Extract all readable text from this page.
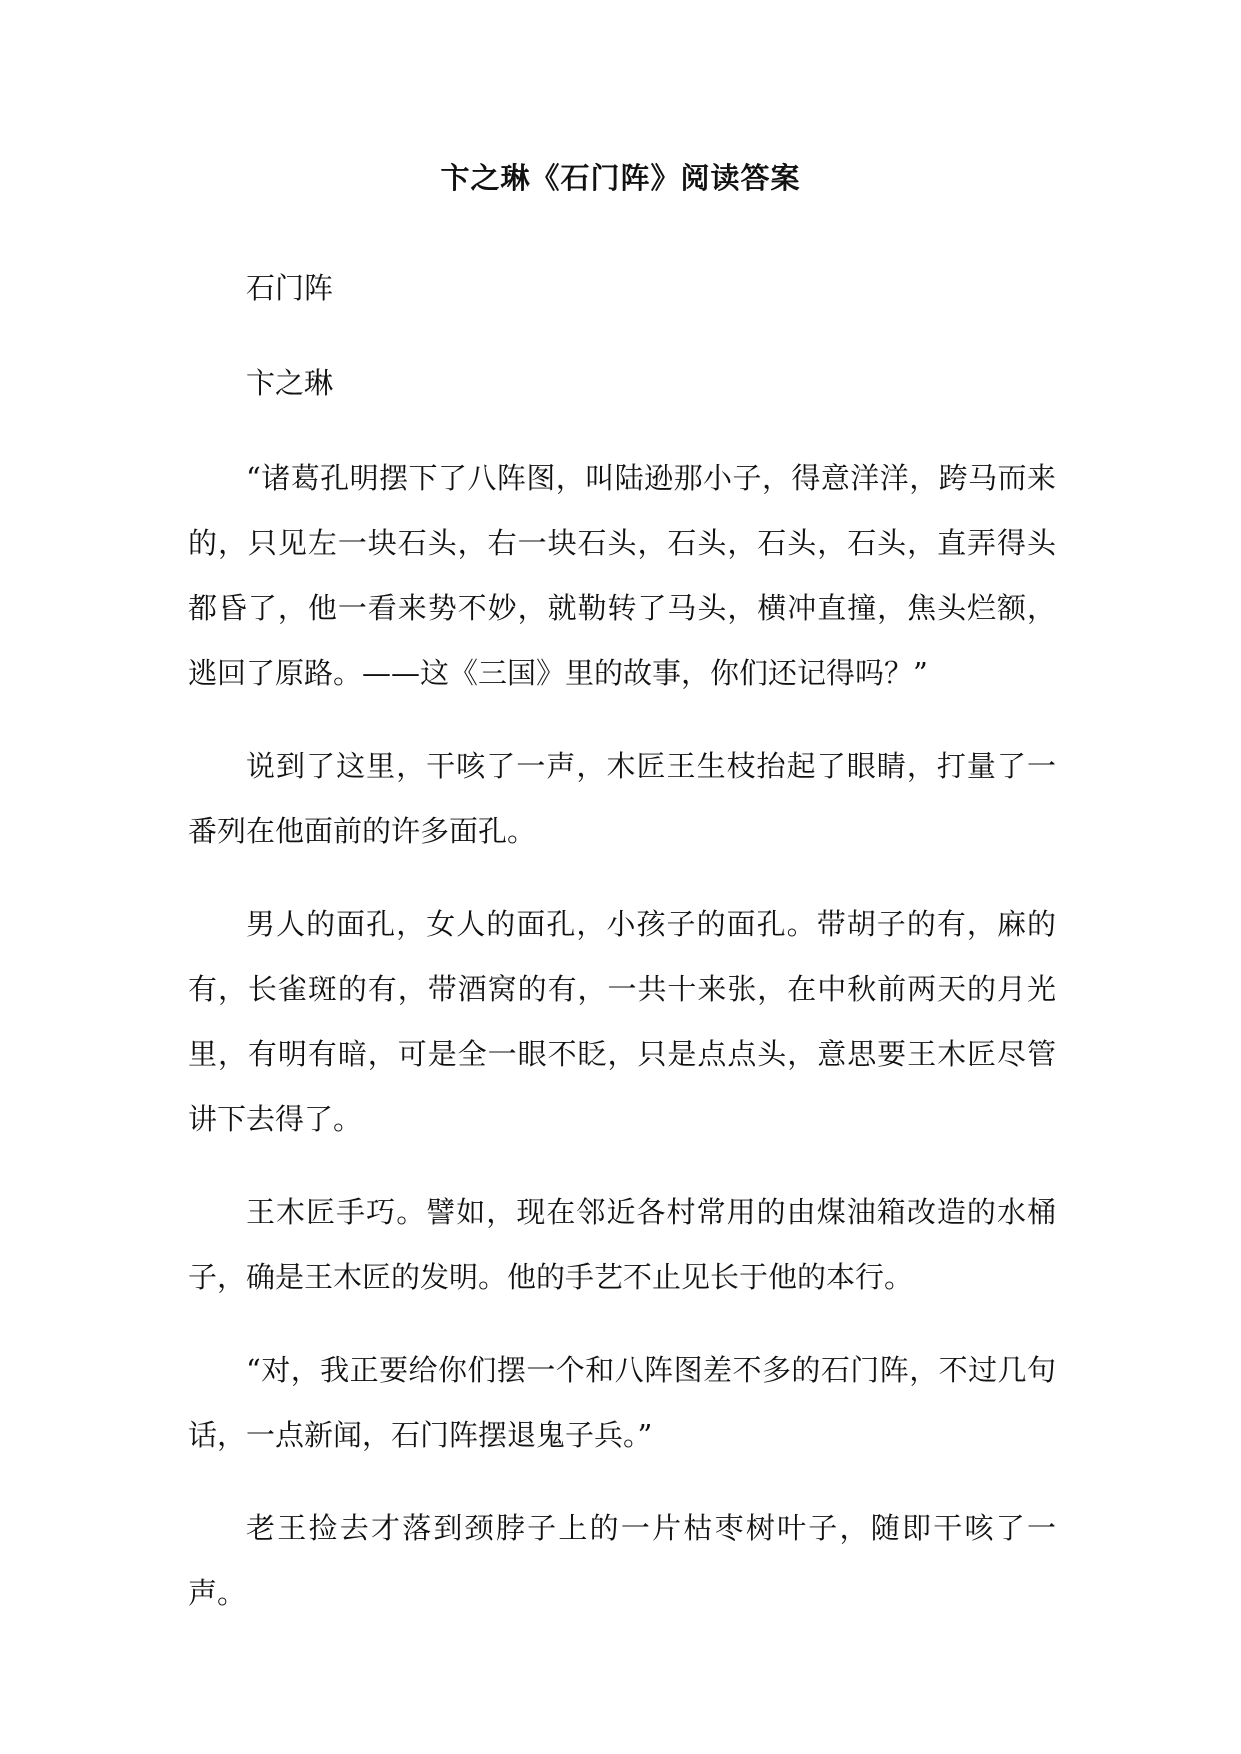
卞之琳《石门阵》阅读答案

石门阵

卞之琳

“诸葛孔明摆下了八阵图，叫陆逊那小子，得意洋洋，跨马而来的，只见左一块石头，右一块石头，石头，石头，石头，直弄得头都昏了，他一看来势不妙，就勒转了马头，横冲直撞，焦头烂额，逃回了原路。——这《三国》里的故事，你们还记得吗？”

说到了这里，干咳了一声，木匠王生枝抬起了眼睛，打量了一番列在他面前的许多面孔。

男人的面孔，女人的面孔，小孩子的面孔。带胡子的有，麻的有，长雀斑的有，带酒窝的有，一共十来张，在中秋前两天的月光里，有明有暗，可是全一眼不眨，只是点点头，意思要王木匠尽管讲下去得了。

王木匠手巧。譬如，现在邻近各村常用的由煤油箱改造的水桶子，确是王木匠的发明。他的手艺不止见长于他的本行。

“对，我正要给你们摆一个和八阵图差不多的石门阵，不过几句话，一点新闻，石门阵摆退鬼子兵。”

老王捡去才落到颈脖子上的一片枯枣树叶子，随即干咳了一声。
